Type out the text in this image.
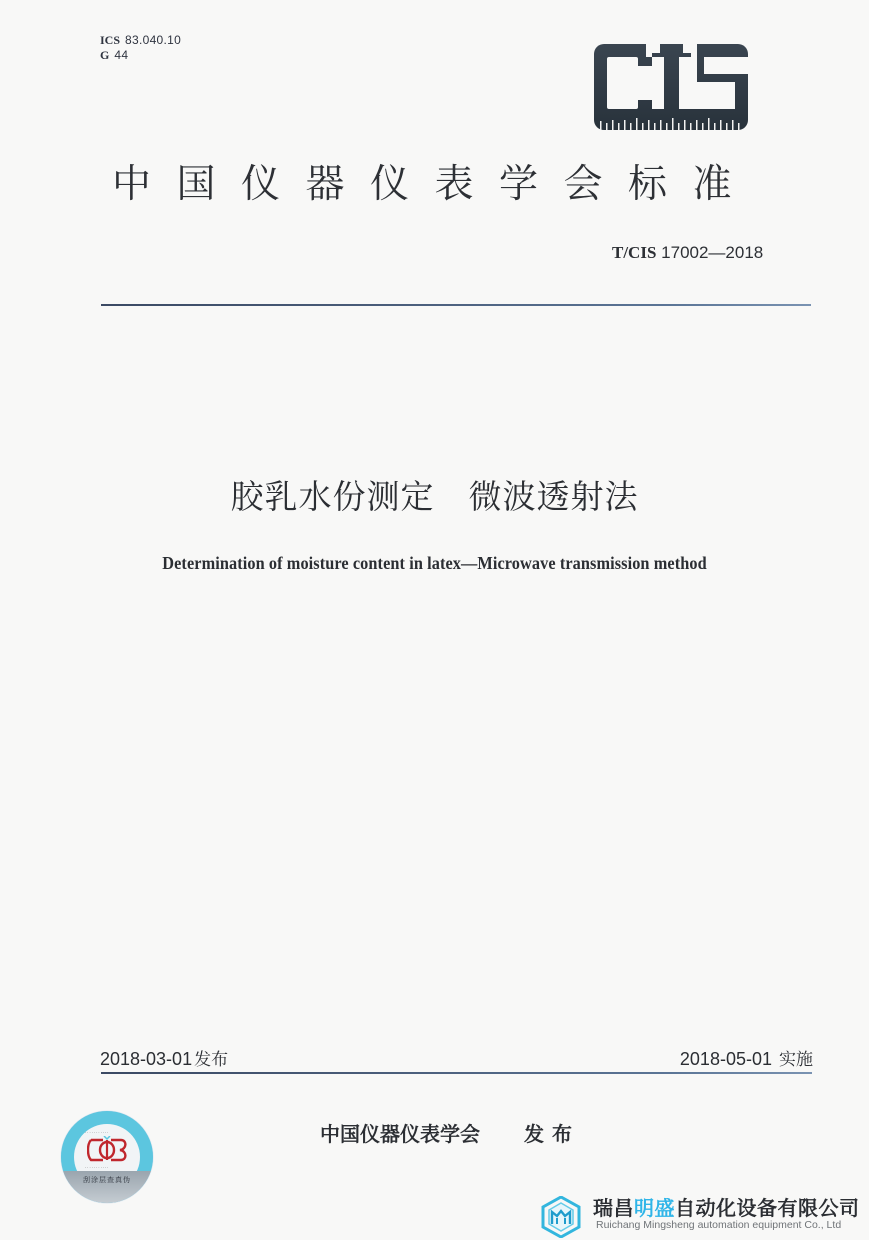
ICS 83.040.10
G 44
中国仪器仪表学会标准
T/CIS 17002—2018
胶乳水份测定 微波透射法
Determination of moisture content in latex—Microwave transmission method
2018-03-01 发布	2018-05-01 实施
刮涂层查真伪
· · · · · · · · · · ·
· · · · · · · · · · ·
中国仪器仪表学会 发布
瑞昌明盛自动化设备有限公司
Ruichang Mingsheng automation equipment Co., Ltd
